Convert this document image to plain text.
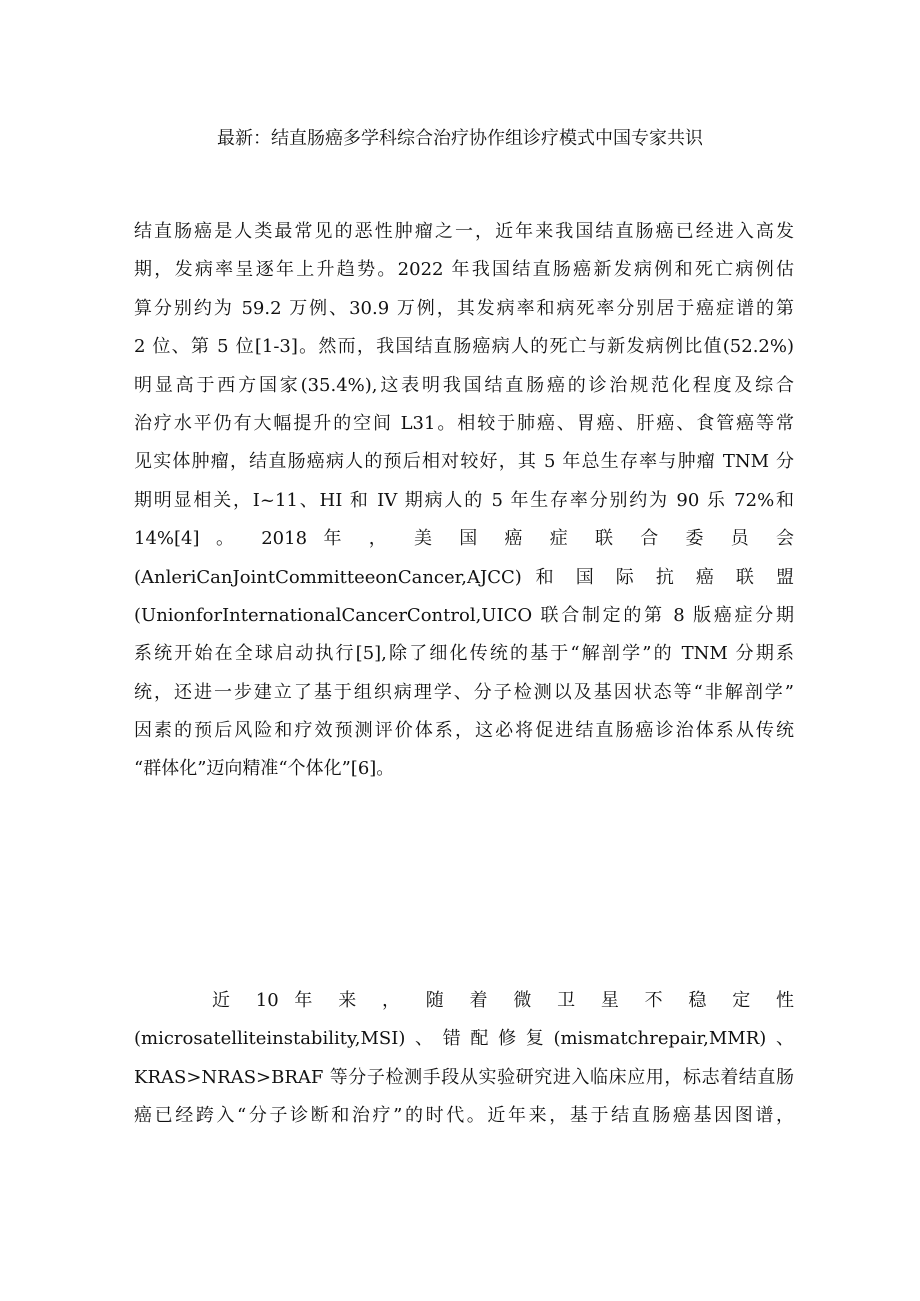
最新：结直肠癌多学科综合治疗协作组诊疗模式中国专家共识
结直肠癌是人类最常见的恶性肿瘤之一，近年来我国结直肠癌已经进入高发
期，发病率呈逐年上升趋势。2022 年我国结直肠癌新发病例和死亡病例估
算分别约为 59.2 万例、30.9 万例，其发病率和病死率分别居于癌症谱的第
2 位、第 5 位[1-3]。然而，我国结直肠癌病人的死亡与新发病例比值(52.2%)
明显高于西方国家(35.4%),这表明我国结直肠癌的诊治规范化程度及综合
治疗水平仍有大幅提升的空间 L31。相较于肺癌、胃癌、肝癌、食管癌等常
见实体肿瘤，结直肠癌病人的预后相对较好，其 5 年总生存率与肿瘤 TNM 分
期明显相关，I~11、HI 和 IV 期病人的 5 年生存率分别约为 90 乐 72%和
14%[4] 。 2018 年 ， 美 国 癌 症 联 合 委 员 会
(AnleriCanJointCommitteeonCancer,AJCC) 和 国 际 抗 癌 联 盟
(UnionforInternationalCancerControl,UICO 联合制定的第 8 版癌症分期
系统开始在全球启动执行[5],除了细化传统的基于“解剖学”的 TNM 分期系
统，还进一步建立了基于组织病理学、分子检测以及基因状态等“非解剖学”
因素的预后风险和疗效预测评价体系，这必将促进结直肠癌诊治体系从传统
“群体化”迈向精准“个体化”[6]。
近 10 年 来 ， 随 着 微 卫 星 不 稳 定 性
(microsatelliteinstability,MSI)、错配修复(mismatchrepair,MMR)、
KRAS>NRAS>BRAF 等分子检测手段从实验研究进入临床应用，标志着结直肠
癌已经跨入“分子诊断和治疗”的时代。近年来，基于结直肠癌基因图谱，
